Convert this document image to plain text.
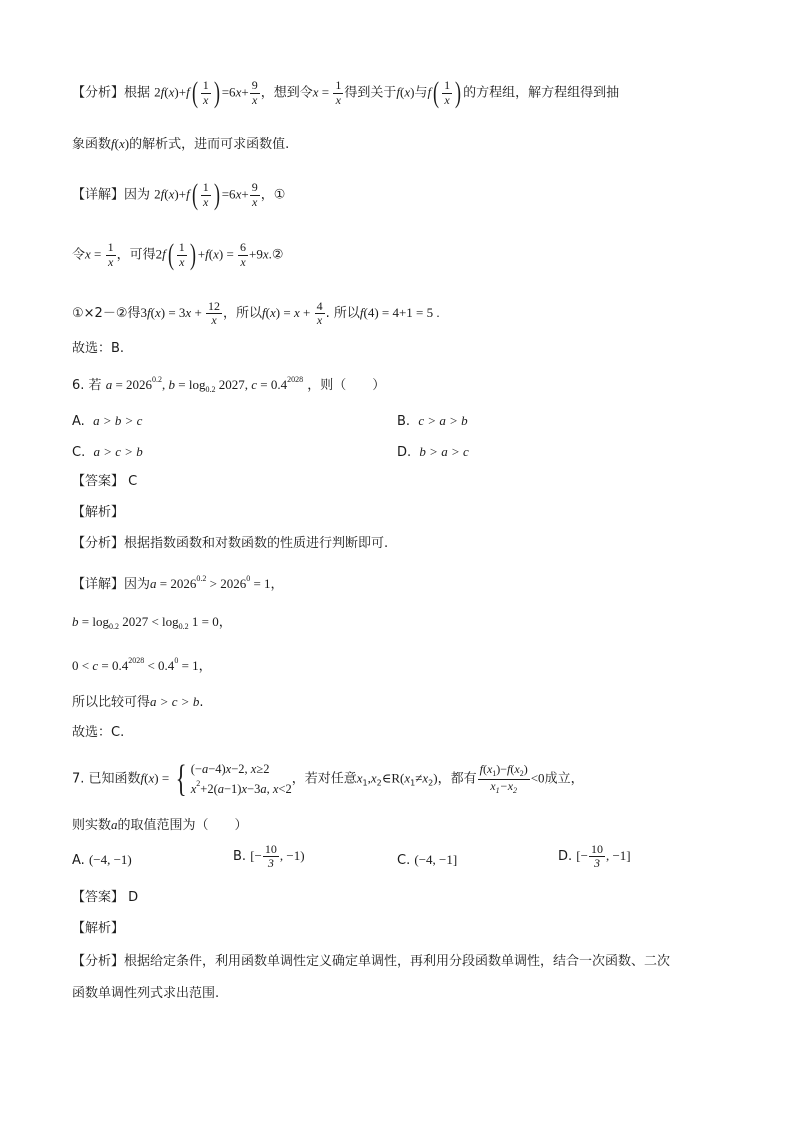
【分析】根据 $2f(x)+f( \frac{1}{x}$ ) $=6x+ \frac{9}{x}$ ，想到令$x = \frac{1}{x}$ 得到关于f(x)与$f( \frac{1}{x}$ ) 的方程组，解方程组得到抽
象函数f(x)的解析式，进而可求函数值.
【详解】因为 $2f(x)+f( \frac{1}{x}$ ) $=6x+ \frac{9}{x}$ ，①
令$x = \frac{1}{x}$ ，可得$2f( \frac{1}{x}$ ) $+f(x) = \frac{6}{x}$ +9x.②
①×2－②得$3f(x) = 3x + \frac{12}{x}$ ，所以$f(x) = x + \frac{4}{x}$ . 所以f(4) = 4+1 = 5 .
故选：B.
6. 若 $a = 2026^{0.2}$, $b = \log_{0.2} 2027$, $c = 0.4^{2028}$ ，则（　　）
A. a > b > c	B. c > a > b
C. a > c > b	D. b > a > c
【答案】 C
【解析】
【分析】根据指数函数和对数函数的性质进行判断即可.
【详解】因为$a = 2026^{0.2} > 2026^0 = 1$，
$b = \log_{0.2} 2027 < \log_{0.2} 1 = 0$，
$0 < c = 0.4^{2028} < 0.4^0 = 1$，
所以比较可得a > c > b.
故选：C.
7. 已知函数f(x) = { (−a−4)x−2, x≥2
$x^2+2(a-1)x-3a$, x<2
，若对任意$x_1,x_2\in R(x_1\ne x_2)$，都有 $\frac{f(x_1)-f(x_2)}{x_1-x_2} <0$成立，
则实数a的取值范围为（　　）
A. (−4, −1)	B. [− $\frac{10}{3}$ , −1)	C. (−4, −1]	D. [− $\frac{10}{3}$ , −1]
【答案】 D
【解析】
【分析】根据给定条件，利用函数单调性定义确定单调性，再利用分段函数单调性，结合一次函数、二次
函数单调性列式求出范围.
